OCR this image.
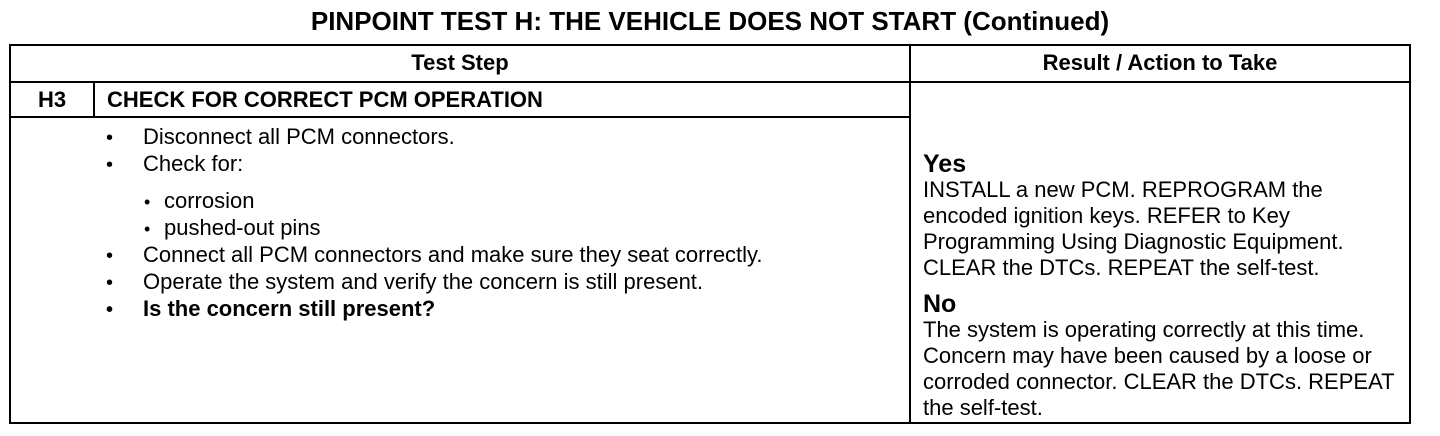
PINPOINT TEST H: THE VEHICLE DOES NOT START (Continued)
Test Step	Result / Action to Take
H3	CHECK FOR CORRECT PCM OPERATION
• Disconnect all PCM connectors.
• Check for:
• corrosion
• pushed-out pins
• Connect all PCM connectors and make sure they seat correctly.
• Operate the system and verify the concern is still present.
• Is the concern still present?
Yes
INSTALL a new PCM. REPROGRAM the encoded ignition keys. REFER to Key Programming Using Diagnostic Equipment. CLEAR the DTCs. REPEAT the self-test.
No
The system is operating correctly at this time. Concern may have been caused by a loose or corroded connector. CLEAR the DTCs. REPEAT the self-test.
